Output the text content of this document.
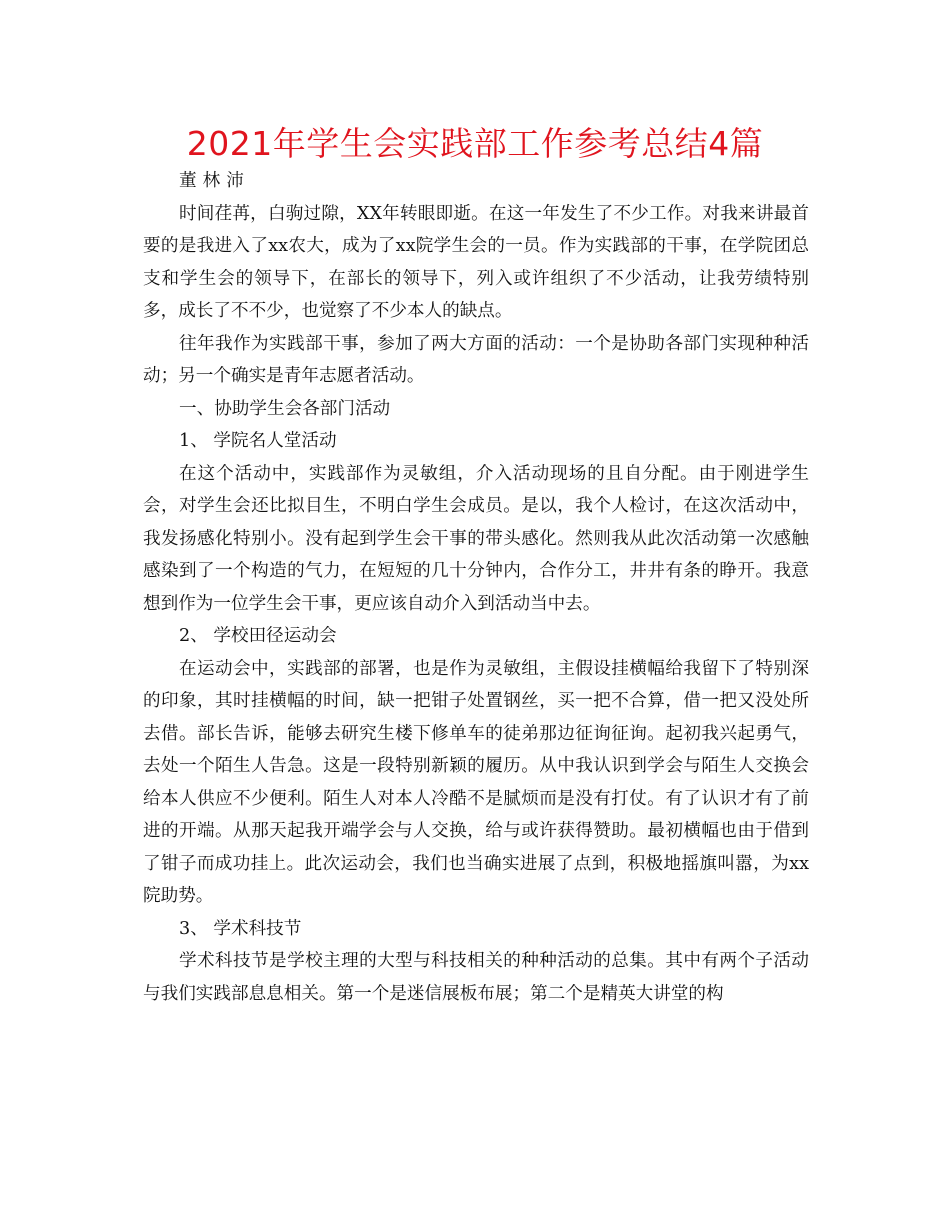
2021年学生会实践部工作参考总结4篇

董林沛

时间荏苒，白驹过隙，XX年转眼即逝。在这一年发生了不少工作。对我来讲最首要的是我进入了xx农大，成为了xx院学生会的一员。作为实践部的干事，在学院团总支和学生会的领导下，在部长的领导下，列入或许组织了不少活动，让我劳绩特别多，成长了不不少，也觉察了不少本人的缺点。

往年我作为实践部干事，参加了两大方面的活动：一个是协助各部门实现种种活动；另一个确实是青年志愿者活动。

一、协助学生会各部门活动

1、 学院名人堂活动

在这个活动中，实践部作为灵敏组，介入活动现场的且自分配。由于刚进学生会，对学生会还比拟目生，不明白学生会成员。是以，我个人检讨，在这次活动中，我发扬感化特别小。没有起到学生会干事的带头感化。然则我从此次活动第一次感触感染到了一个构造的气力，在短短的几十分钟内，合作分工，井井有条的睁开。我意想到作为一位学生会干事，更应该自动介入到活动当中去。

2、 学校田径运动会

在运动会中，实践部的部署，也是作为灵敏组，主假设挂横幅给我留下了特别深的印象，其时挂横幅的时间，缺一把钳子处置钢丝，买一把不合算，借一把又没处所去借。部长告诉，能够去研究生楼下修单车的徒弟那边征询征询。起初我兴起勇气，去处一个陌生人告急。这是一段特别新颖的履历。从中我认识到学会与陌生人交换会给本人供应不少便利。陌生人对本人冷酷不是腻烦而是没有打仗。有了认识才有了前进的开端。从那天起我开端学会与人交换，给与或许获得赞助。最初横幅也由于借到了钳子而成功挂上。此次运动会，我们也当确实进展了点到，积极地摇旗叫嚣，为xx院助势。

3、 学术科技节

学术科技节是学校主理的大型与科技相关的种种活动的总集。其中有两个子活动与我们实践部息息相关。第一个是迷信展板布展；第二个是精英大讲堂的构
